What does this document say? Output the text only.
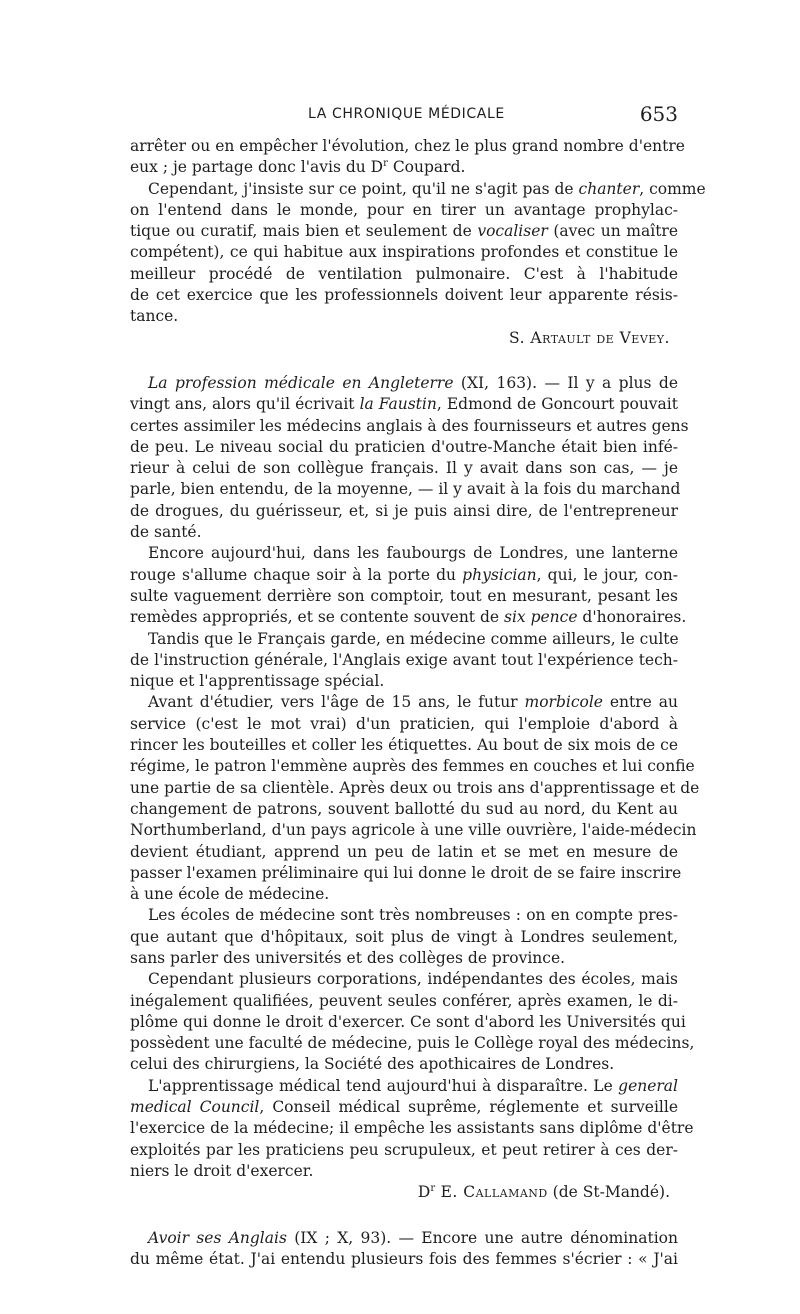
LA CHRONIQUE MÉDICALE	653
arrêter ou en empêcher l'évolution, chez le plus grand nombre d'entre
eux ; je partage donc l'avis du $D^r$ Coupard.
Cependant, j'insiste sur ce point, qu'il ne s'agit pas de chanter, comme
on l'entend dans le monde, pour en tirer un avantage prophylac-
tique ou curatif, mais bien et seulement de vocaliser (avec un maître
compétent), ce qui habitue aux inspirations profondes et constitue le
meilleur procédé de ventilation pulmonaire. C'est à l'habitude
de cet exercice que les professionnels doivent leur apparente résis-
tance.
S. Artault de Vevey.
La profession médicale en Angleterre (XI, 163). — Il y a plus de
vingt ans, alors qu'il écrivait la Faustin, Edmond de Goncourt pouvait
certes assimiler les médecins anglais à des fournisseurs et autres gens
de peu. Le niveau social du praticien d'outre-Manche était bien infé-
rieur à celui de son collègue français. Il y avait dans son cas, — je
parle, bien entendu, de la moyenne, — il y avait à la fois du marchand
de drogues, du guérisseur, et, si je puis ainsi dire, de l'entrepreneur
de santé.
Encore aujourd'hui, dans les faubourgs de Londres, une lanterne
rouge s'allume chaque soir à la porte du physician, qui, le jour, con-
sulte vaguement derrière son comptoir, tout en mesurant, pesant les
remèdes appropriés, et se contente souvent de six pence d'honoraires.
Tandis que le Français garde, en médecine comme ailleurs, le culte
de l'instruction générale, l'Anglais exige avant tout l'expérience tech-
nique et l'apprentissage spécial.
Avant d'étudier, vers l'âge de 15 ans, le futur morbicole entre au
service (c'est le mot vrai) d'un praticien, qui l'emploie d'abord à
rincer les bouteilles et coller les étiquettes. Au bout de six mois de ce
régime, le patron l'emmène auprès des femmes en couches et lui confie
une partie de sa clientèle. Après deux ou trois ans d'apprentissage et de
changement de patrons, souvent ballotté du sud au nord, du Kent au
Northumberland, d'un pays agricole à une ville ouvrière, l'aide-médecin
devient étudiant, apprend un peu de latin et se met en mesure de
passer l'examen préliminaire qui lui donne le droit de se faire inscrire
à une école de médecine.
Les écoles de médecine sont très nombreuses : on en compte pres-
que autant que d'hôpitaux, soit plus de vingt à Londres seulement,
sans parler des universités et des collèges de province.
Cependant plusieurs corporations, indépendantes des écoles, mais
inégalement qualifiées, peuvent seules conférer, après examen, le di-
plôme qui donne le droit d'exercer. Ce sont d'abord les Universités qui
possèdent une faculté de médecine, puis le Collège royal des médecins,
celui des chirurgiens, la Société des apothicaires de Londres.
L'apprentissage médical tend aujourd'hui à disparaître. Le general
medical Council, Conseil médical suprême, réglemente et surveille
l'exercice de la médecine; il empêche les assistants sans diplôme d'être
exploités par les praticiens peu scrupuleux, et peut retirer à ces der-
niers le droit d'exercer.
$D^r$ E. Callamand (de St-Mandé).
Avoir ses Anglais (IX ; X, 93). — Encore une autre dénomination
du même état. J'ai entendu plusieurs fois des femmes s'écrier : « J'ai
